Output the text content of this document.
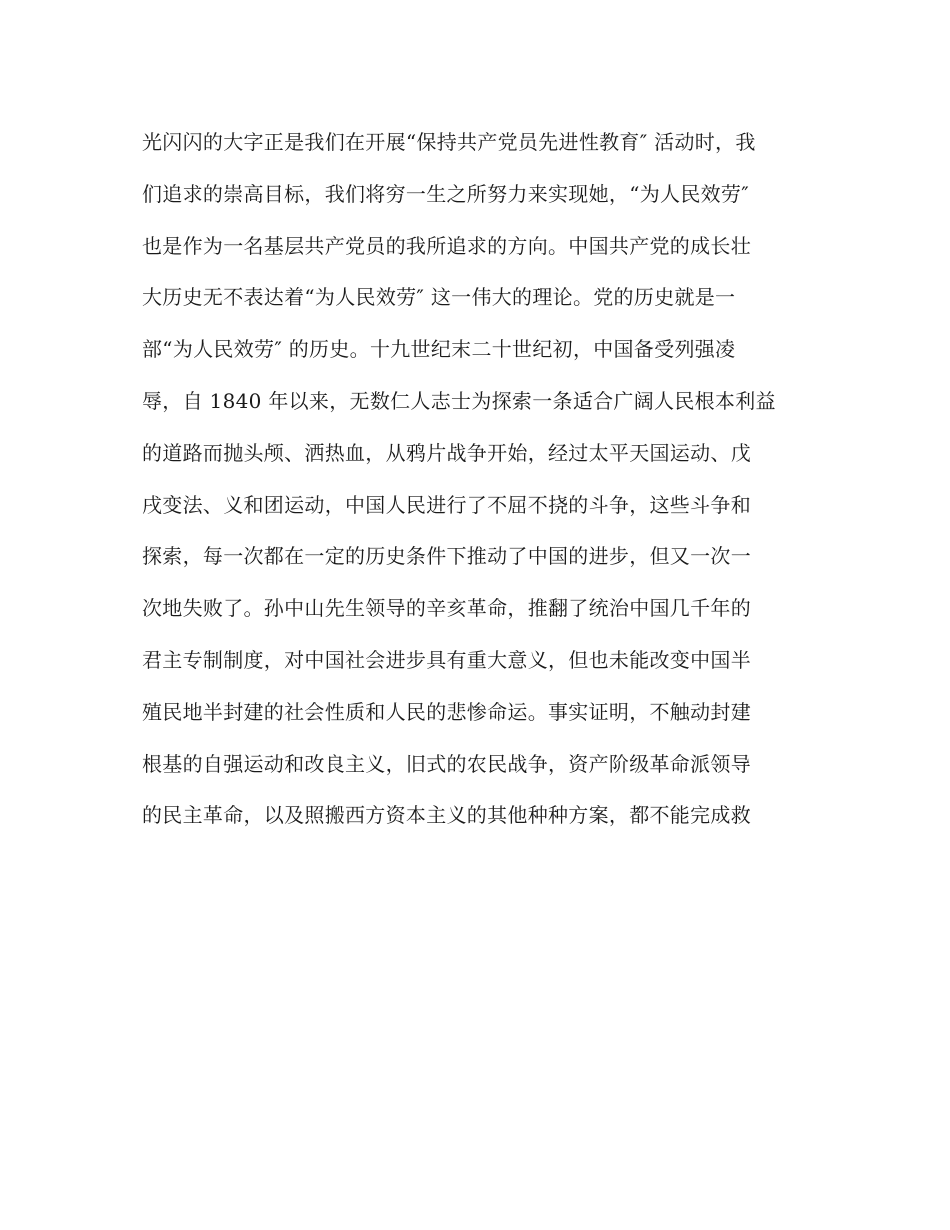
光闪闪的大字正是我们在开展“保持共产党员先进性教育″ 活动时，我
们追求的崇高目标，我们将穷一生之所努力来实现她，“为人民效劳″
也是作为一名基层共产党员的我所追求的方向。中国共产党的成长壮
大历史无不表达着“为人民效劳″ 这一伟大的理论。党的历史就是一
部“为人民效劳″ 的历史。十九世纪末二十世纪初，中国备受列强凌
辱，自 1840 年以来，无数仁人志士为探索一条适合广阔人民根本利益
的道路而抛头颅、洒热血，从鸦片战争开始，经过太平天国运动、戊
戌变法、义和团运动，中国人民进行了不屈不挠的斗争，这些斗争和
探索，每一次都在一定的历史条件下推动了中国的进步，但又一次一
次地失败了。孙中山先生领导的辛亥革命，推翻了统治中国几千年的
君主专制制度，对中国社会进步具有重大意义，但也未能改变中国半
殖民地半封建的社会性质和人民的悲惨命运。事实证明，不触动封建
根基的自强运动和改良主义，旧式的农民战争，资产阶级革命派领导
的民主革命，以及照搬西方资本主义的其他种种方案，都不能完成救
